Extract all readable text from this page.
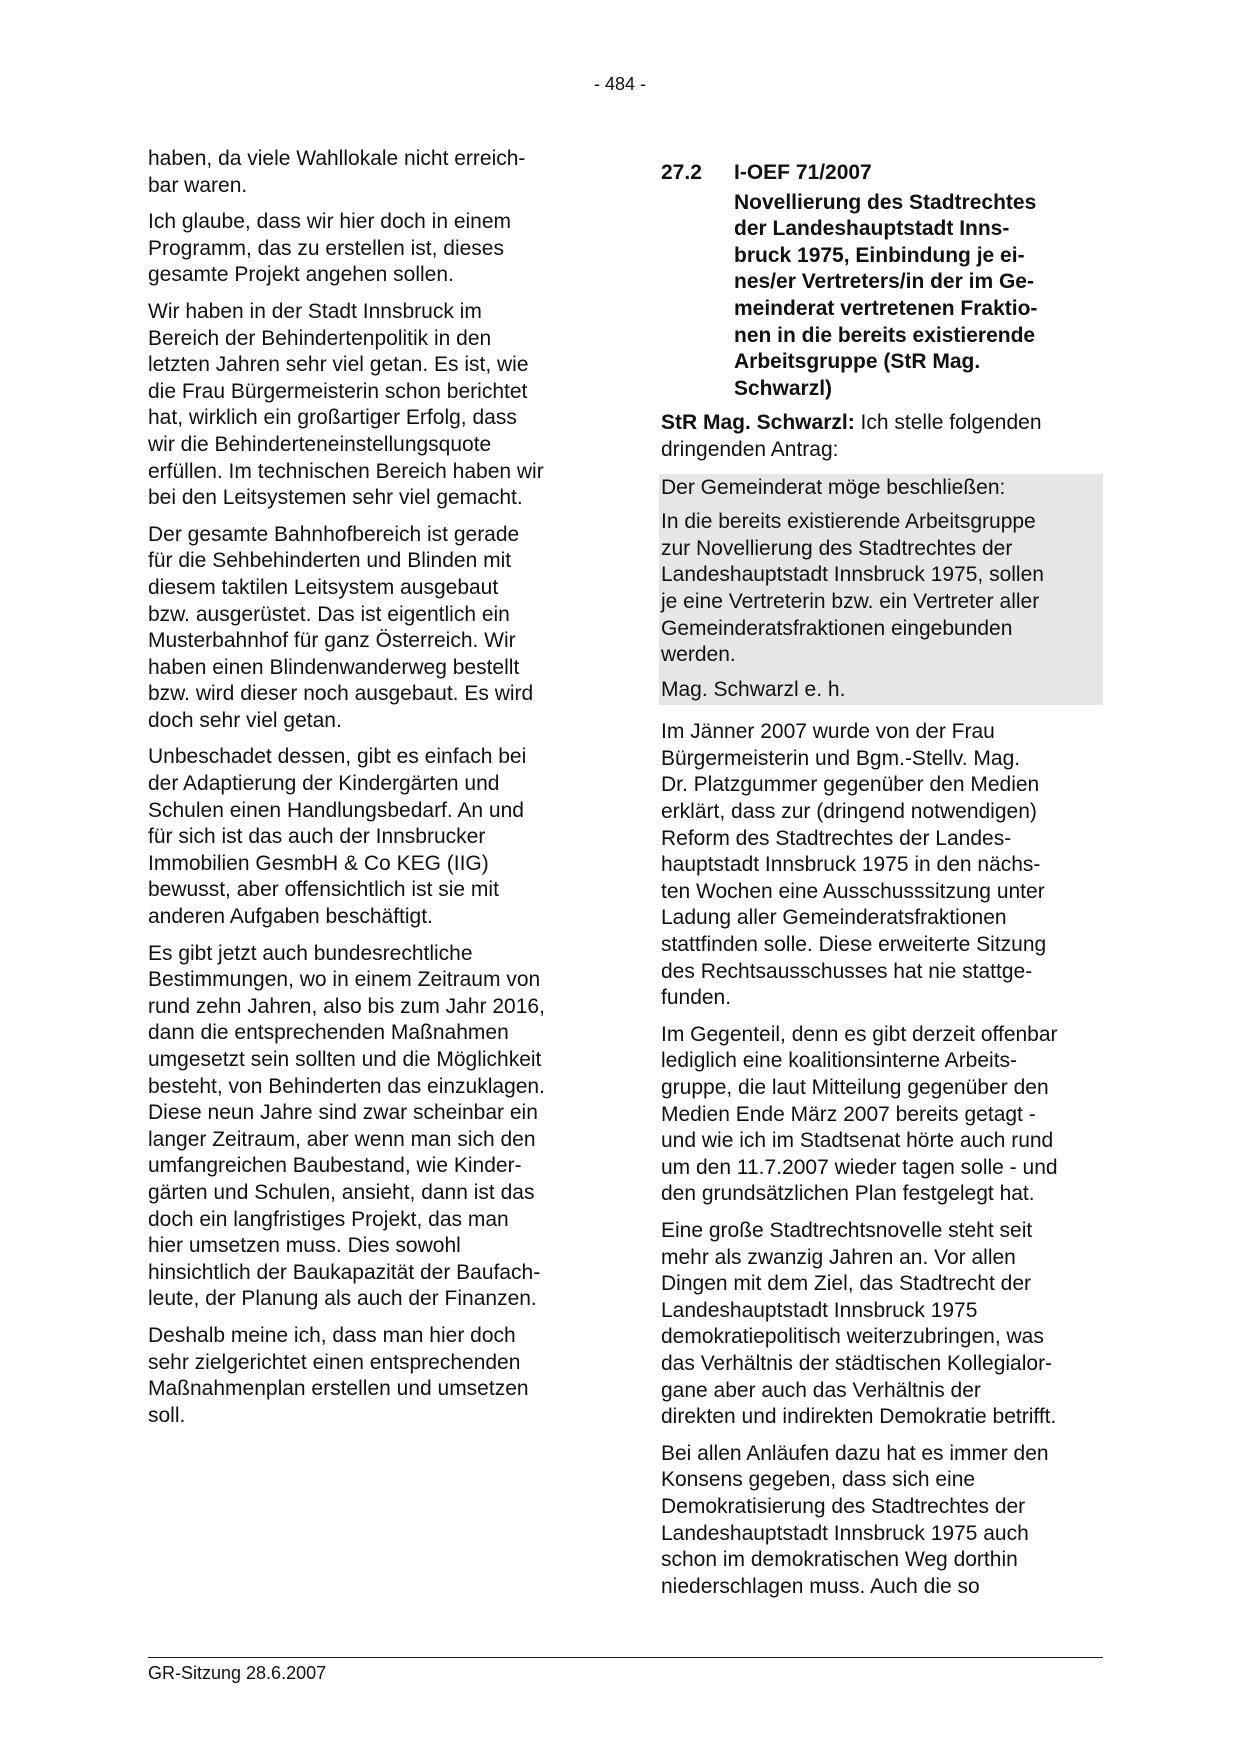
- 484 -

haben, da viele Wahllokale nicht erreich-
bar waren.

Ich glaube, dass wir hier doch in einem
Programm, das zu erstellen ist, dieses
gesamte Projekt angehen sollen.

Wir haben in der Stadt Innsbruck im
Bereich der Behindertenpolitik in den
letzten Jahren sehr viel getan. Es ist, wie
die Frau Bürgermeisterin schon berichtet
hat, wirklich ein großartiger Erfolg, dass
wir die Behinderteneinstellungsquote
erfüllen. Im technischen Bereich haben wir
bei den Leitsystemen sehr viel gemacht.

Der gesamte Bahnhofbereich ist gerade
für die Sehbehinderten und Blinden mit
diesem taktilen Leitsystem ausgebaut
bzw. ausgerüstet. Das ist eigentlich ein
Musterbahnhof für ganz Österreich. Wir
haben einen Blindenwanderweg bestellt
bzw. wird dieser noch ausgebaut. Es wird
doch sehr viel getan.

Unbeschadet dessen, gibt es einfach bei
der Adaptierung der Kindergärten und
Schulen einen Handlungsbedarf. An und
für sich ist das auch der Innsbrucker
Immobilien GesmbH & Co KEG (IIG)
bewusst, aber offensichtlich ist sie mit
anderen Aufgaben beschäftigt.

Es gibt jetzt auch bundesrechtliche
Bestimmungen, wo in einem Zeitraum von
rund zehn Jahren, also bis zum Jahr 2016,
dann die entsprechenden Maßnahmen
umgesetzt sein sollten und die Möglichkeit
besteht, von Behinderten das einzuklagen.
Diese neun Jahre sind zwar scheinbar ein
langer Zeitraum, aber wenn man sich den
umfangreichen Baubestand, wie Kinder-
gärten und Schulen, ansieht, dann ist das
doch ein langfristiges Projekt, das man
hier umsetzen muss. Dies sowohl
hinsichtlich der Baukapazität der Baufach-
leute, der Planung als auch der Finanzen.

Deshalb meine ich, dass man hier doch
sehr zielgerichtet einen entsprechenden
Maßnahmenplan erstellen und umsetzen
soll.

27.2 I-OEF 71/2007
Novellierung des Stadtrechtes
der Landeshauptstadt Inns-
bruck 1975, Einbindung je ei-
nes/er Vertreters/in der im Ge-
meinderat vertretenen Fraktio-
nen in die bereits existierende
Arbeitsgruppe (StR Mag.
Schwarzl)

StR Mag. Schwarzl: Ich stelle folgenden
dringenden Antrag:

Der Gemeinderat möge beschließen:

In die bereits existierende Arbeitsgruppe
zur Novellierung des Stadtrechtes der
Landeshauptstadt Innsbruck 1975, sollen
je eine Vertreterin bzw. ein Vertreter aller
Gemeinderatsfraktionen eingebunden
werden.

Mag. Schwarzl e. h.

Im Jänner 2007 wurde von der Frau
Bürgermeisterin und Bgm.-Stellv. Mag.
Dr. Platzgummer gegenüber den Medien
erklärt, dass zur (dringend notwendigen)
Reform des Stadtrechtes der Landes-
hauptstadt Innsbruck 1975 in den nächs-
ten Wochen eine Ausschusssitzung unter
Ladung aller Gemeinderatsfraktionen
stattfinden solle. Diese erweiterte Sitzung
des Rechtsausschusses hat nie stattge-
funden.

Im Gegenteil, denn es gibt derzeit offenbar
lediglich eine koalitionsinterne Arbeits-
gruppe, die laut Mitteilung gegenüber den
Medien Ende März 2007 bereits getagt -
und wie ich im Stadtsenat hörte auch rund
um den 11.7.2007 wieder tagen solle - und
den grundsätzlichen Plan festgelegt hat.

Eine große Stadtrechtsnovelle steht seit
mehr als zwanzig Jahren an. Vor allen
Dingen mit dem Ziel, das Stadtrecht der
Landeshauptstadt Innsbruck 1975
demokratiepolitisch weiterzubringen, was
das Verhältnis der städtischen Kollegialor-
gane aber auch das Verhältnis der
direkten und indirekten Demokratie betrifft.

Bei allen Anläufen dazu hat es immer den
Konsens gegeben, dass sich eine
Demokratisierung des Stadtrechtes der
Landeshauptstadt Innsbruck 1975 auch
schon im demokratischen Weg dorthin
niederschlagen muss. Auch die so

GR-Sitzung 28.6.2007
